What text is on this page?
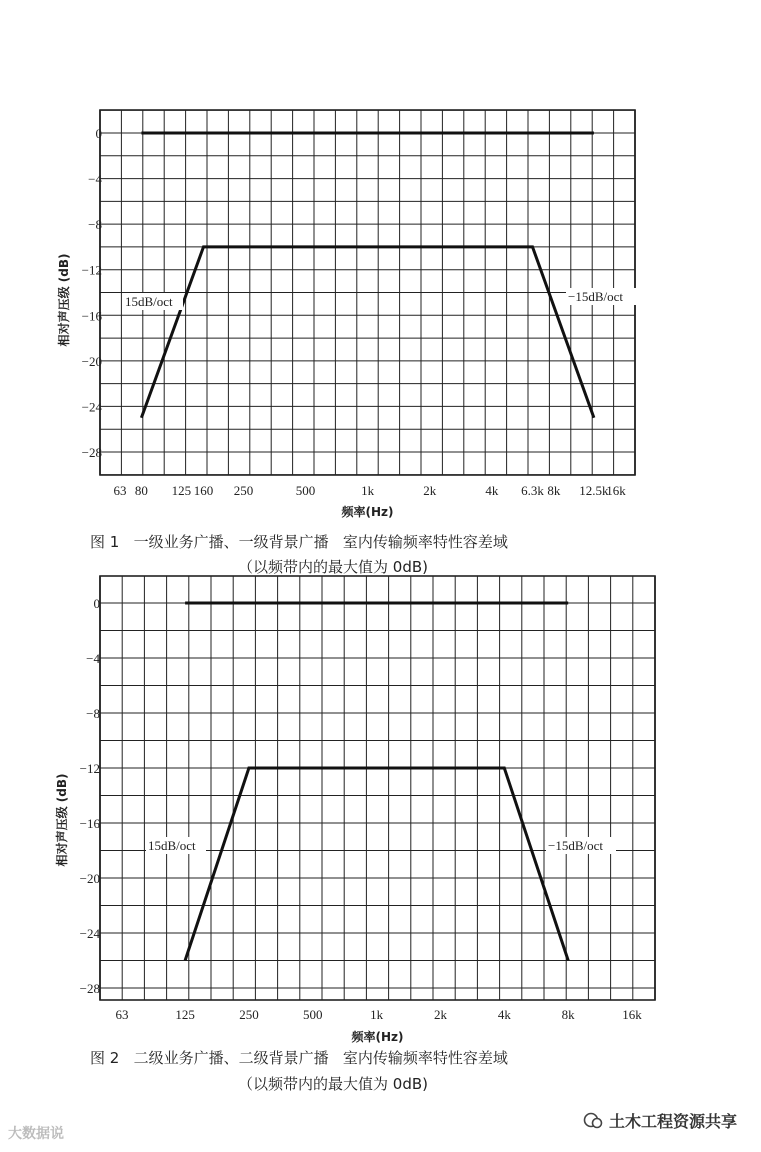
0
−4
−8
−12
−16
−20
−24
−28
63 80 125 160 250	500	1k	2k	4k 6.3k 8k 12.5k
16k
频率(Hz)
相对声压级 (dB)	15dB/oct	−15dB/oct
0
−4
−8
−12
−16
−20
−24
−28
63	125	250	500	1k	2k	4k	8k	16k
频率(Hz)
相对声压级 (dB)	15dB/oct	−15dB/oct
图 1   一级业务广播、一级背景广播   室内传输频率特性容差域
（以频带内的最大值为 0dB)
图 2   二级业务广播、二级背景广播   室内传输频率特性容差域
（以频带内的最大值为 0dB)
大数据说
土木工程资源共享
